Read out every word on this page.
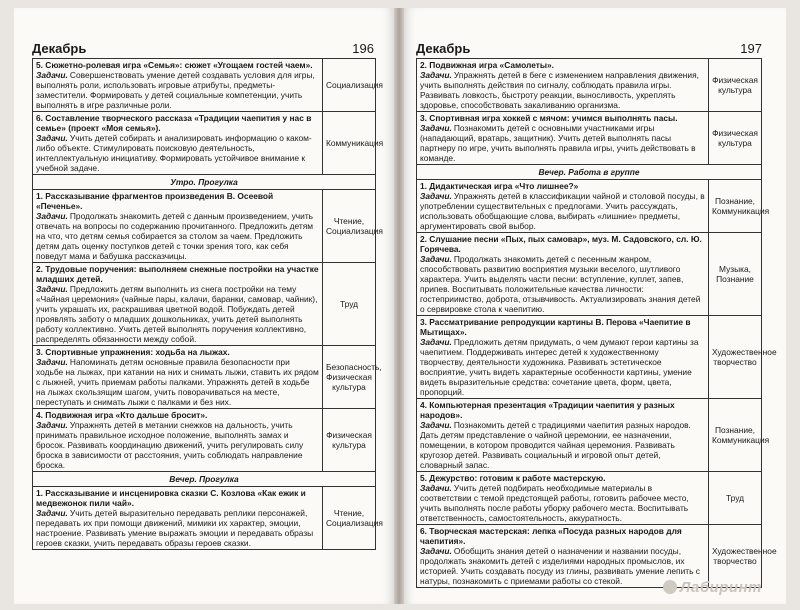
Декабрь	196
5. Сюжетно-ролевая игра «Семья»: сюжет «Угощаем гостей чаем».
Задачи. Совершенствовать умение детей создавать условия для игры, выполнять роли, использовать игровые атрибуты, предметы-заместители. Формировать у детей социальные компетенции, учить выполнять в игре различные роли.	Социализация

6. Составление творческого рассказа «Традиции чаепития у нас в семье» (проект «Моя семья»).
Задачи. Учить детей собирать и анализировать информацию о каком-либо объекте. Стимулировать поисковую деятельность, интеллектуальную инициативу. Формировать устойчивое внимание к учебной задаче.	Коммуникация
Утро. Прогулка	

1. Рассказывание фрагментов произведения В. Осеевой «Печенье».
Задачи. Продолжать знакомить детей с данным произведением, учить отвечать на вопросы по содержанию прочитанного. Предложить детям на что, что детям семья собирается за столом за чаем. Предложить детям дать оценку поступков детей с точки зрения того, как себя поведут мама и бабушка рассказчицы.	Чтение, Социализация

2. Трудовые поручения: выполняем снежные постройки на участке младших детей.
Задачи. Предложить детям выполнить из снега постройки на тему «Чайная церемония» (чайные пары, калачи, баранки, самовар, чайник), учить украшать их, раскрашивая цветной водой. Побуждать детей проявлять заботу о младших дошкольниках, учить детей выполнять работу коллективно. Учить детей выполнять поручения коллективно, распределять обязанности между собой.	Труд

3. Спортивные упражнения: ходьба на лыжах.
Задачи. Напоминать детям основные правила безопасности при ходьбе на лыжах, при катании на них и снимать лыжи, ставить их рядом с лыжней, учить приемам работы палками. Упражнять детей в ходьбе на лыжах скользящим шагом, учить поворачиваться на месте, переступать и снимать лыжи с палками и без них.	Безопасность, Физическая культура

4. Подвижная игра «Кто дальше бросит».
Задачи. Упражнять детей в метании снежков на дальность, учить принимать правильное исходное положение, выполнять замах и бросок. Развивать координацию движений, учить регулировать силу броска в зависимости от расстояния, учить соблюдать направление броска.	Физическая культура
Вечер. Прогулка	

1. Рассказывание и инсценировка сказки С. Козлова «Как ежик и медвежонок пили чай».
Задачи. Учить детей выразительно передавать реплики персонажей, передавать их при помощи движений, мимики их характер, эмоции, настроение. Развивать умение выражать эмоции и передавать образы героев сказки, учить передавать образы героев сказки.	Чтение, Социализация
Декабрь	197
2. Подвижная игра «Самолеты».
Задачи. Упражнять детей в беге с изменением направления движения, учить выполнять действия по сигналу, соблюдать правила игры. Развивать ловкость, быстроту реакции, выносливость, укреплять здоровье, способствовать закаливанию организма.	Физическая культура

3. Спортивная игра хоккей с мячом: учимся выполнять пасы.
Задачи. Познакомить детей с основными участниками игры (нападающий, вратарь, защитник). Учить детей выполнять пасы партнеру по игре, учить выполнять правила игры, учить действовать в команде.	Физическая культура
Вечер. Работа в группе	

1. Дидактическая игра «Что лишнее?»
Задачи. Упражнять детей в классификации чайной и столовой посуды, в употреблении существительных с предлогами. Учить рассуждать, использовать обобщающие слова, выбирать «лишние» предметы, аргументировать свой выбор.	Познание, Коммуникация

2. Слушание песни «Пых, пых самовар», муз. М. Садовского, сл. Ю. Горячева.
Задачи. Продолжать знакомить детей с песенным жанром, способствовать развитию восприятия музыки веселого, шутливого характера. Учить выделять части песни: вступление, куплет, запев, припев. Воспитывать положительные качества личности: гостеприимство, доброта, отзывчивость. Актуализировать знания детей о сервировке стола к чаепитию.	Музыка, Познание

3. Рассматривание репродукции картины В. Перова «Чаепитие в Мытищах».
Задачи. Предложить детям придумать, о чем думают герои картины за чаепитием. Поддерживать интерес детей к художественному творчеству, деятельности художника. Развивать эстетическое восприятие, учить видеть характерные особенности картины, умение видеть выразительные средства: сочетание цвета, форм, цвета, пропорций.	Художественное творчество

4. Компьютерная презентация «Традиции чаепития у разных народов».
Задачи. Познакомить детей с традициями чаепития разных народов. Дать детям представление о чайной церемонии, ее назначении, помещении, в котором проводится чайная церемония. Развивать кругозор детей. Развивать социальный и игровой опыт детей, словарный запас.	Познание, Коммуникация

5. Дежурство: готовим к работе мастерскую.
Задачи. Учить детей подбирать необходимые материалы в соответствии с темой предстоящей работы, готовить рабочее место, учить выполнять после работы уборку рабочего места. Воспитывать ответственность, самостоятельность, аккуратность.	Труд

6. Творческая мастерская: лепка «Посуда разных народов для чаепития».
Задачи. Обобщить знания детей о назначении и названии посуды, продолжать знакомить детей с изделиями народных промыслов, их историей. Учить создавать посуду из глины, развивать умение лепить с натуры, познакомить с приемами работы со стекой.	Художественное творчество
Лабиринт
